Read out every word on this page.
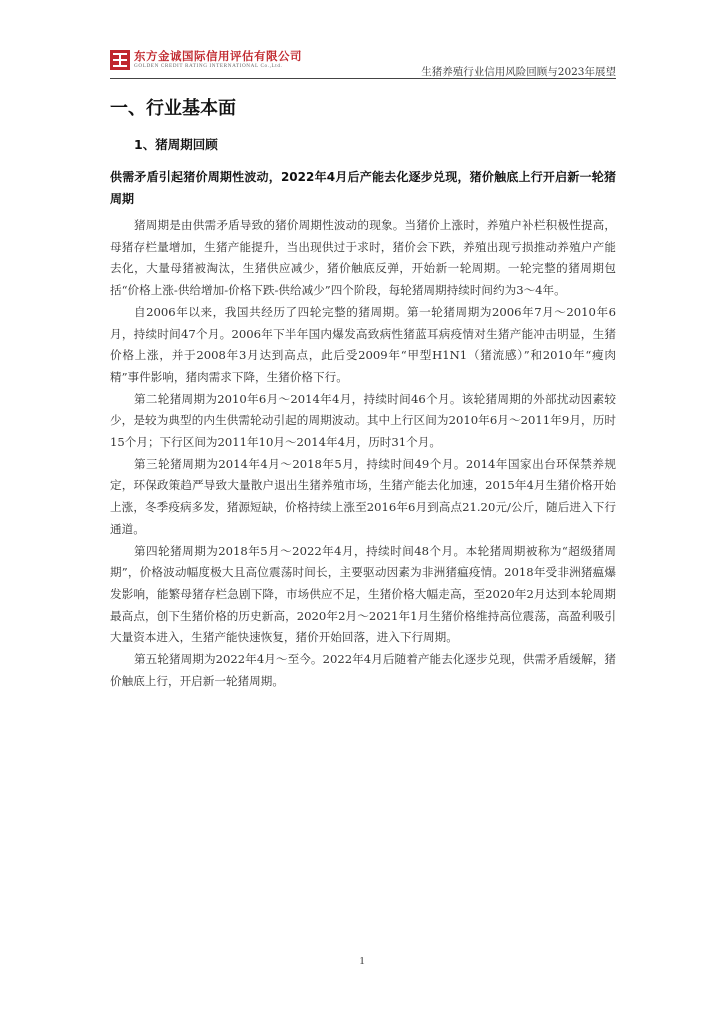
东方金诚国际信用评估有限公司
GOLDEN CREDIT RATING INTERNATIONAL Co.,Ltd.	生猪养殖行业信用风险回顾与2023年展望
一、行业基本面
1、猪周期回顾

供需矛盾引起猪价周期性波动，2022年4月后产能去化逐步兑现，猪价触底上行开启新一轮猪周期

猪周期是由供需矛盾导致的猪价周期性波动的现象。当猪价上涨时，养殖户补栏积极性提高，母猪存栏量增加，生猪产能提升，当出现供过于求时，猪价会下跌，养殖出现亏损推动养殖户产能去化，大量母猪被淘汰，生猪供应减少，猪价触底反弹，开始新一轮周期。一轮完整的猪周期包括“价格上涨-供给增加-价格下跌-供给减少”四个阶段，每轮猪周期持续时间约为3～4年。

自2006年以来，我国共经历了四轮完整的猪周期。第一轮猪周期为2006年7月～2010年6月，持续时间47个月。2006年下半年国内爆发高致病性猪蓝耳病疫情对生猪产能冲击明显，生猪价格上涨，并于2008年3月达到高点，此后受2009年“甲型H1N1（猪流感）”和2010年“瘦肉精”事件影响，猪肉需求下降，生猪价格下行。

第二轮猪周期为2010年6月～2014年4月，持续时间46个月。该轮猪周期的外部扰动因素较少，是较为典型的内生供需轮动引起的周期波动。其中上行区间为2010年6月～2011年9月，历时15个月；下行区间为2011年10月～2014年4月，历时31个月。

第三轮猪周期为2014年4月～2018年5月，持续时间49个月。2014年国家出台环保禁养规定，环保政策趋严导致大量散户退出生猪养殖市场，生猪产能去化加速，2015年4月生猪价格开始上涨，冬季疫病多发，猪源短缺，价格持续上涨至2016年6月到高点21.20元/公斤，随后进入下行通道。

第四轮猪周期为2018年5月～2022年4月，持续时间48个月。本轮猪周期被称为“超级猪周期”，价格波动幅度极大且高位震荡时间长，主要驱动因素为非洲猪瘟疫情。2018年受非洲猪瘟爆发影响，能繁母猪存栏急剧下降，市场供应不足，生猪价格大幅走高，至2020年2月达到本轮周期最高点，创下生猪价格的历史新高，2020年2月～2021年1月生猪价格维持高位震荡，高盈利吸引大量资本进入，生猪产能快速恢复，猪价开始回落，进入下行周期。

第五轮猪周期为2022年4月～至今。2022年4月后随着产能去化逐步兑现，供需矛盾缓解，猪价触底上行，开启新一轮猪周期。

1
